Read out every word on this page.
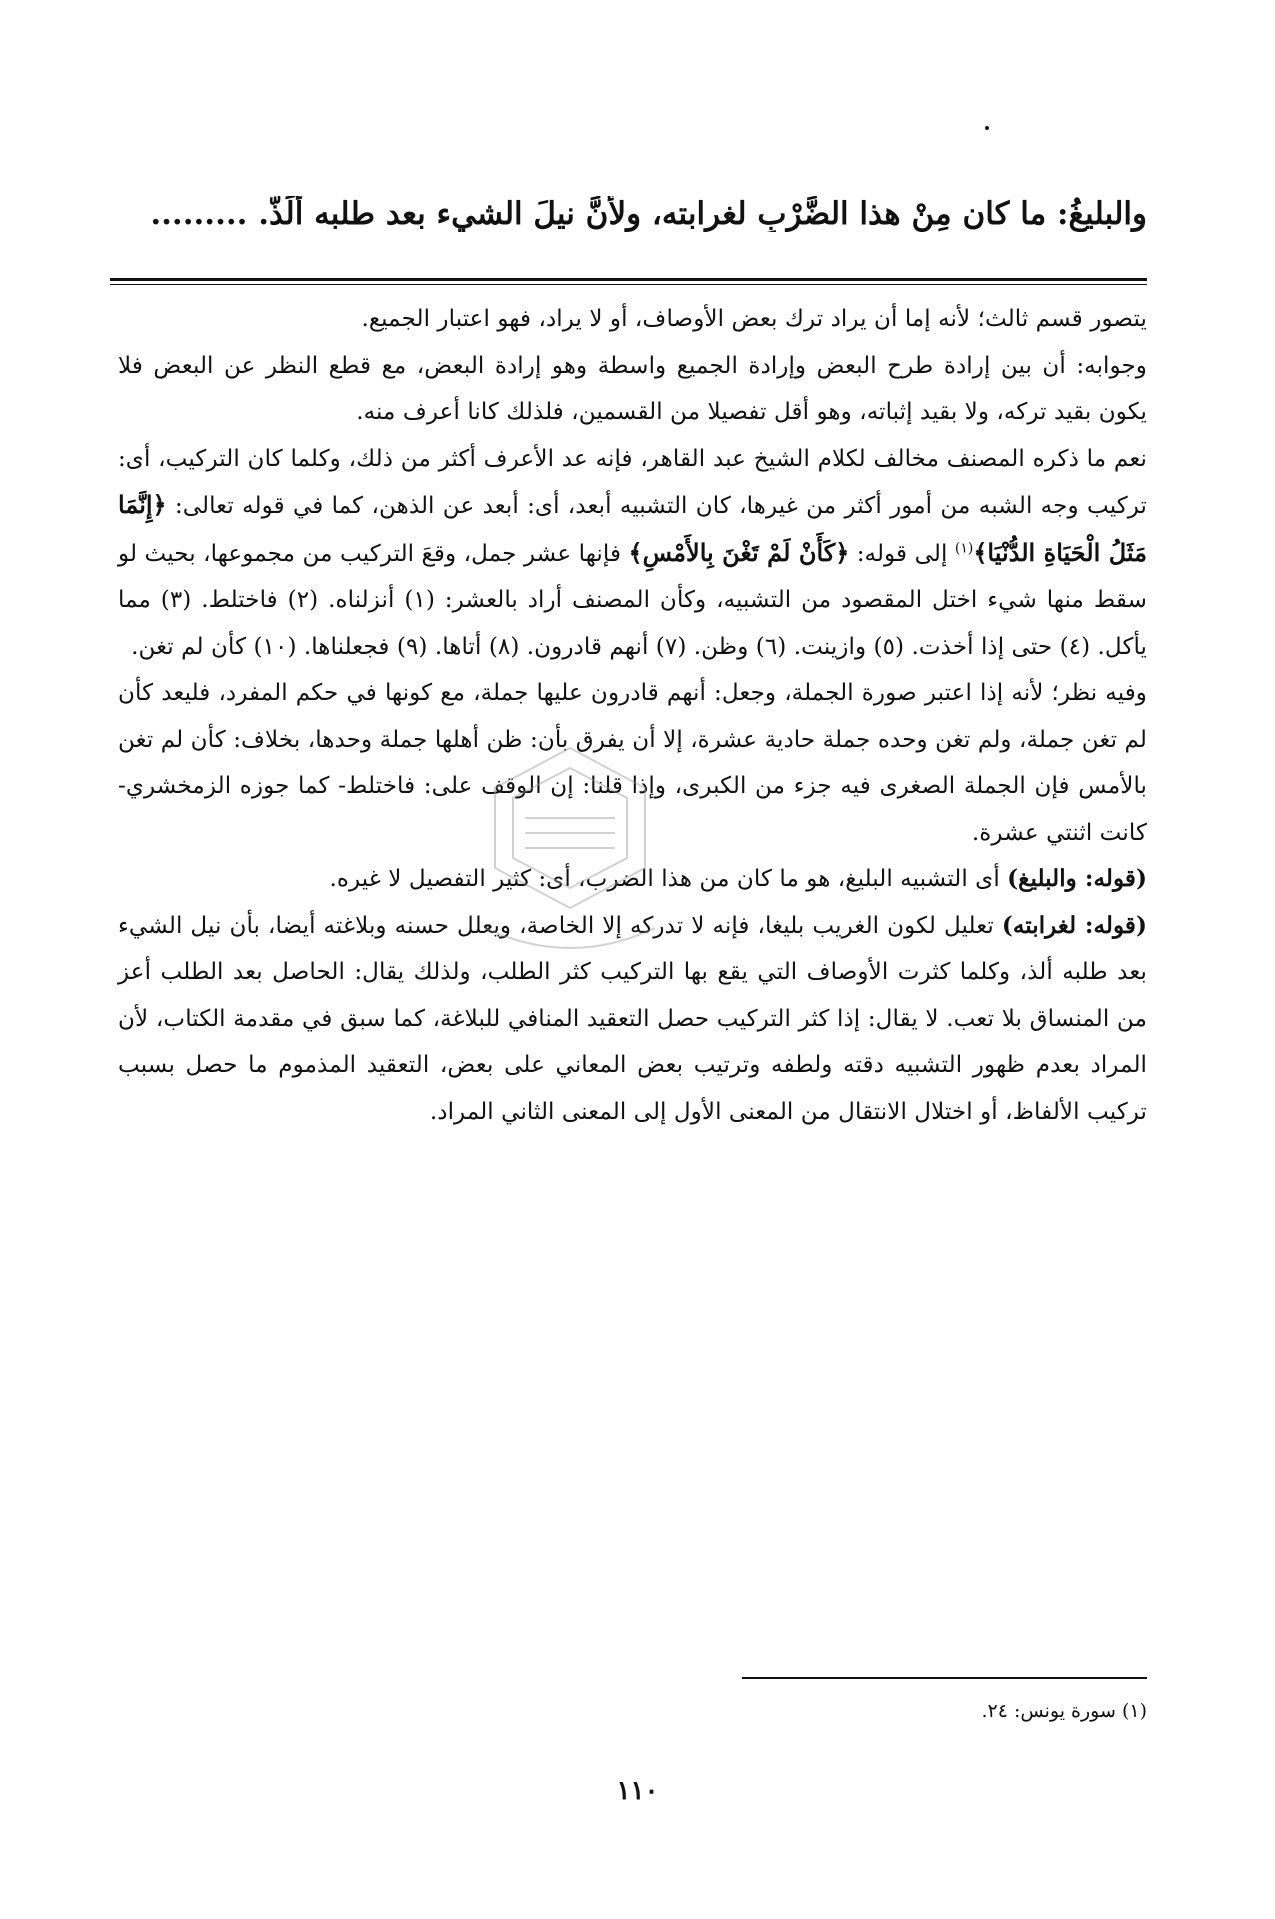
والبليغُ: ما كان مِنْ هذا الضَّرْبِ لغرابته، ولأنَّ نيلَ الشيء بعد طلبه ألَذُّ. .........

يتصور قسم ثالث؛ لأنه إما أن يراد ترك بعض الأوصاف، أو لا يراد، فهو اعتبار الجميع.

وجوابه: أن بين إرادة طرح البعض وإرادة الجميع واسطة وهو إرادة البعض، مع قطع النظر عن البعض فلا يكون بقيد تركه، ولا بقيد إثباته، وهو أقل تفصيلا من القسمين، فلذلك كانا أعرف منه.

نعم ما ذكره المصنف مخالف لكلام الشيخ عبد القاهر، فإنه عد الأعرف أكثر من ذلك، وكلما كان التركيب، أى: تركيب وجه الشبه من أمور أكثر من غيرها، كان التشبيه أبعد، أى: أبعد عن الذهن، كما في قوله تعالى: ﴿إِنَّمَا مَثَلُ الْحَيَاةِ الدُّنْيَا﴾$^{(١)}$ إلى قوله: ﴿كَأَنْ لَمْ تَغْنَ بِالأَمْسِ﴾ فإنها عشر جمل، وقعَ التركيب من مجموعها، بحيث لو سقط منها شيء اختل المقصود من التشبيه، وكأن المصنف أراد بالعشر: (١) أنزلناه. (٢) فاختلط. (٣) مما يأكل. (٤) حتى إذا أخذت. (٥) وازينت. (٦) وظن. (٧) أنهم قادرون. (٨) أتاها. (٩) فجعلناها. (١٠) كأن لم تغن.

وفيه نظر؛ لأنه إذا اعتبر صورة الجملة، وجعل: أنهم قادرون عليها جملة، مع كونها في حكم المفرد، فليعد كأن لم تغن جملة، ولم تغن وحده جملة حادية عشرة، إلا أن يفرق بأن: ظن أهلها جملة وحدها، بخلاف: كأن لم تغن بالأمس فإن الجملة الصغرى فيه جزء من الكبرى، وإذا قلنا: إن الوقف على: فاختلط- كما جوزه الزمخشري- كانت اثنتي عشرة.

(قوله: والبليغ) أى التشبيه البليغ، هو ما كان من هذا الضرب، أى: كثير التفصيل لا غيره.

(قوله: لغرابته) تعليل لكون الغريب بليغا، فإنه لا تدركه إلا الخاصة، ويعلل حسنه وبلاغته أيضا، بأن نيل الشيء بعد طلبه ألذ، وكلما كثرت الأوصاف التي يقع بها التركيب كثر الطلب، ولذلك يقال: الحاصل بعد الطلب أعز من المنساق بلا تعب. لا يقال: إذا كثر التركيب حصل التعقيد المنافي للبلاغة، كما سبق في مقدمة الكتاب، لأن المراد بعدم ظهور التشبيه دقته ولطفه وترتيب بعض المعاني على بعض، التعقيد المذموم ما حصل بسبب تركيب الألفاظ، أو اختلال الانتقال من المعنى الأول إلى المعنى الثاني المراد.

(١) سورة يونس: ٢٤.
١١٠
